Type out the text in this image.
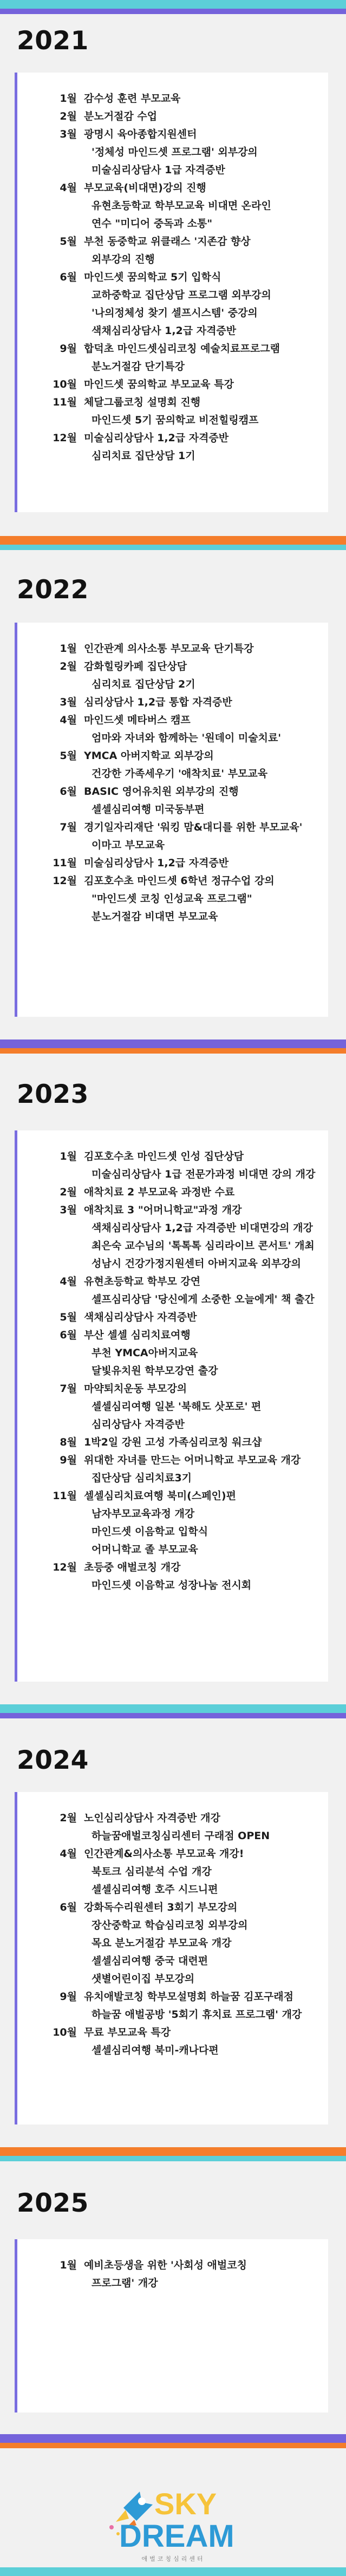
2021
1월 감수성 훈련 부모교육
2월 분노거절감 수업
3월 광명시 육아종합지원센터
'정체성 마인드셋 프로그램' 외부강의
미술심리상담사 1급 자격증반
4월 부모교육(비대면)강의 진행
유현초등학교 학부모교육 비대면 온라인
연수 "미디어 중독과 소통"
5월 부천 동중학교 위클래스 '지존감 향상
외부강의 진행
6월 마인드셋 꿈의학교 5기 입학식
교하중학교 집단상담 프로그램 외부강의
'나의정체성 찾기 셀프시스템' 중강의
색채심리상담사 1,2급 자격증반
9월 합덕초 마인드셋심리코칭 예술치료프로그램
분노거절감 단기특강
10월 마인드셋 꿈의학교 부모교육 특강
11월 체달그룹코칭 설명회 진행
마인드셋 5기 꿈의학교 비전힐링캠프
12월 미술심리상담사 1,2급 자격증반
심리치료 집단상담 1기
2022
1월 인간관계 의사소통 부모교육 단기특강
2월 감화힐링카페 집단상담
심리치료 집단상담 2기
3월 심리상담사 1,2급 통합 자격증반
4월 마인드셋 메타버스 캠프
엄마와 자녀와 함께하는 '원데이 미술치료'
5월 YMCA 아버지학교 외부강의
건강한 가족세우기 '애착치료' 부모교육
6월 BASIC 영어유치원 외부강의 진행
셀셀심리여행 미국동부편
7월 경기일자리재단 '워킹 맘&대디를 위한 부모교육'
이마고 부모교육
11월 미술심리상담사 1,2급 자격증반
12월 김포호수초 마인드셋 6학년 정규수업 강의
"마인드셋 코칭 인성교육 프로그램"
분노거절감 비대면 부모교육
2023
1월 김포호수초 마인드셋 인성 집단상담
미술심리상담사 1급 전문가과정 비대면 강의 개강
2월 애착치료 2 부모교육 과정반 수료
3월 애착치료 3 "어머니학교"과정 개강
색채심리상담사 1,2급 자격증반 비대면강의 개강
최은숙 교수님의 '톡톡톡 심리라이브 콘서트' 개최
성남시 건강가정지원센터 아버지교육 외부강의
4월 유현초등학교 학부모 강연
셀프심리상담 '당신에게 소중한 오늘에게' 책 출간
5월 색채심리상담사 자격증반
6월 부산 셀셀 심리치료여행
부천 YMCA아버지교육
달빛유치원 학부모강연 출강
7월 마약퇴치운동 부모강의
셀셀심리여행 일본 '북해도 삿포로' 편
심리상담사 자격증반
8월 1박2일 강원 고성 가족심리코칭 워크샵
9월 위대한 자녀를 만드는 어머니학교 부모교육 개강
집단상담 심리치료3기
11월 셀셀심리치료여행 북미(스페인)편
남자부모교육과정 개강
마인드셋 이음학교 입학식
어머니학교 졸 부모교육
12월 초등중 애벌코칭 개강
마인드셋 이음학교 성장나눔 전시회
2024
2월 노인심리상담사 자격증반 개강
하늘꿈애벌코칭심리센터 구래점 OPEN
4월 인간관계&의사소통 부모교육 개강!
북토크 심리분석 수업 개강
셀셀심리여행 호주 시드니편
6월 강화독수리원센터 3회기 부모강의
장산중학교 학습심리코칭 외부강의
목요 분노거절감 부모교육 개강
셀셀심리여행 중국 대련편
샛별어린이집 부모강의
9월 유치애발코칭 학부모설명회 하늘꿈 김포구래점
하늘꿈 애벌공방 '5회기 휴치료 프로그램' 개강
10월 무료 부모교육 특강
셀셀심리여행 북미-캐나다편
2025
1월 예비초등생을 위한 '사회성 애벌코칭
프로그램' 개강
SKY
DREAM
애벌코칭심리센터
